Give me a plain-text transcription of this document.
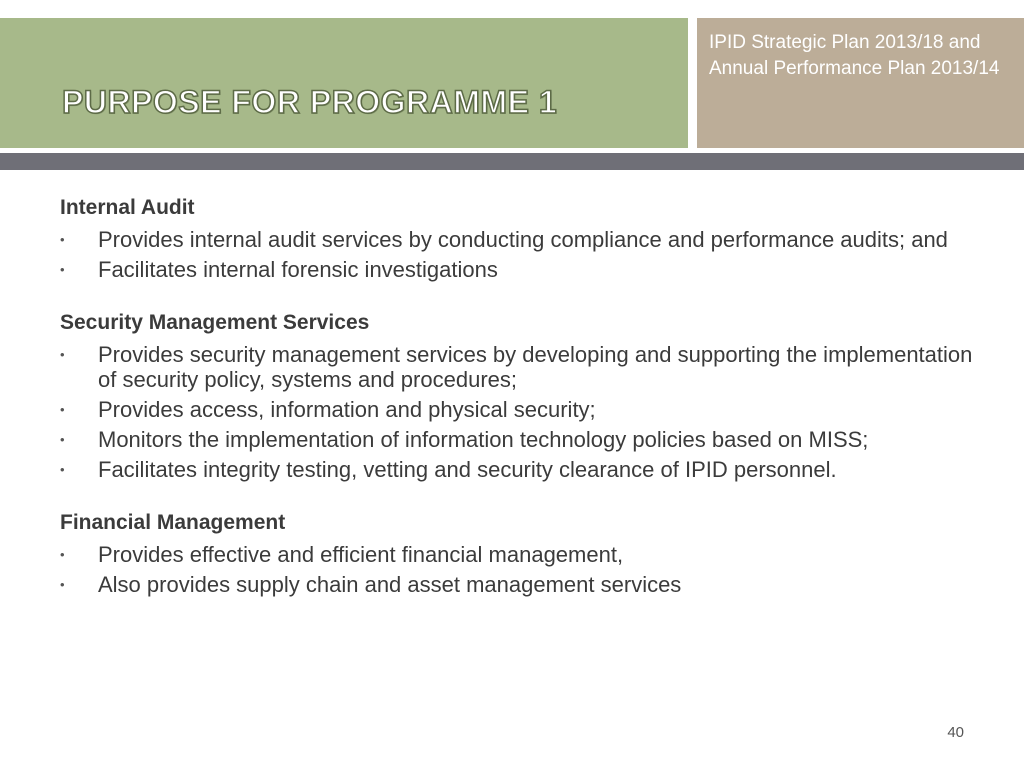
PURPOSE FOR PROGRAMME 1
IPID Strategic Plan 2013/18 and Annual Performance Plan 2013/14

Internal Audit

• Provides internal audit services by conducting compliance and performance audits; and
• Facilitates internal forensic investigations

Security Management Services

• Provides security management services by developing and supporting the implementation of security policy, systems and procedures;
• Provides access, information and physical security;
• Monitors the implementation of information technology policies based on MISS;
• Facilitates integrity testing, vetting and security clearance of IPID personnel.

Financial Management

• Provides effective and efficient financial management,
• Also provides supply chain and asset management services
40
